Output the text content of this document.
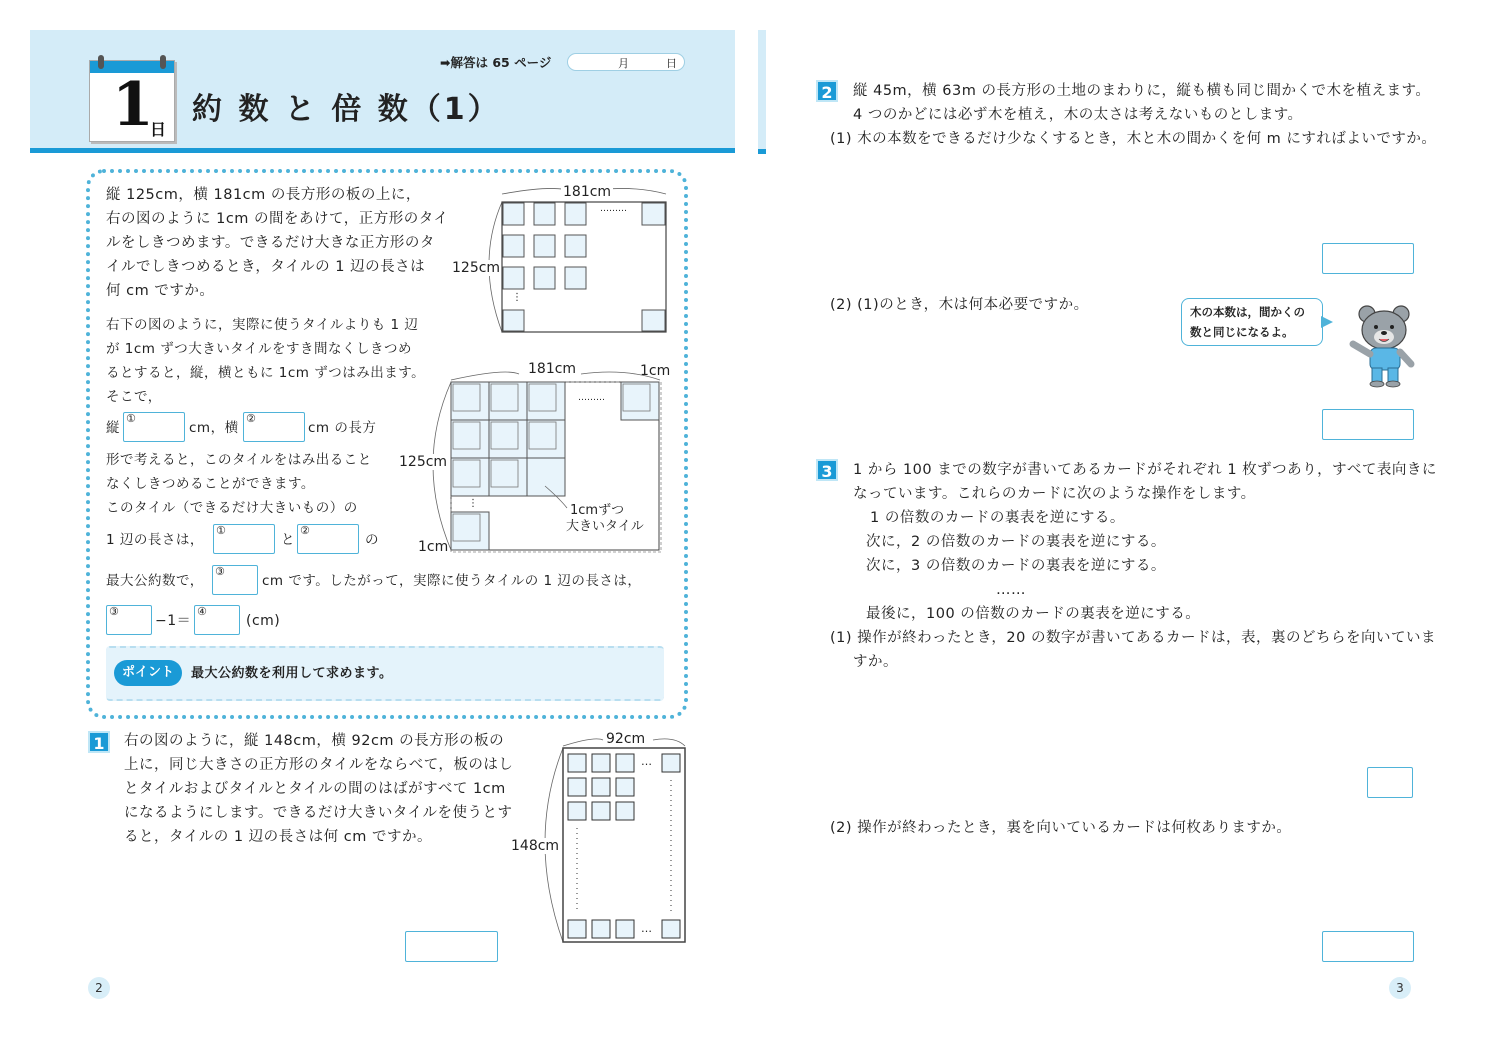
1
日
約 数 と 倍 数（1）
➡解答は 65 ページ	月	日
縦 125cm，横 181cm の長方形の板の上に，
右の図のように 1cm の間をあけて，正方形のタイ
ルをしきつめます。できるだけ大きな正方形のタ
イルでしきつめるとき，タイルの 1 辺の長さは
何 cm ですか。
右下の図のように，実際に使うタイルよりも 1 辺
が 1cm ずつ大きいタイルをすき間なくしきつめ
るとすると，縦，横ともに 1cm ずつはみ出ます。
そこで，
縦
①
cm，横
②
cm の長方
形で考えると，このタイルをはみ出ること
なくしきつめることができます。
このタイル（できるだけ大きいもの）の
1 辺の長さは，
①
と
②
の
最大公約数で，
③
cm です。したがって，実際に使うタイルの 1 辺の長さは，
③
−1＝
④
(cm)
ポイント	最大公約数を利用して求めます。
181cm
125cm
………
⋮
181cm	1cm
125cm
1cm
1cmずつ
大きいタイル
………
⋮
1	右の図のように，縦 148cm，横 92cm の長方形の板の
上に，同じ大きさの正方形のタイルをならべて，板のはし
とタイルおよびタイルとタイルの間のはばがすべて 1cm
になるようにします。できるだけ大きいタイルを使うとす
ると，タイルの 1 辺の長さは何 cm ですか。
92cm
148cm
…
…
2
2	縦 45m，横 63m の長方形の土地のまわりに，縦も横も同じ間かくで木を植えます。
4 つのかどには必ず木を植え，木の太さは考えないものとします。
(1) 木の本数をできるだけ少なくするとき，木と木の間かくを何 m にすればよいですか。
(2) (1)のとき，木は何本必要ですか。	木の本数は，間かくの
数と同じになるよ。
3	1 から 100 までの数字が書いてあるカードがそれぞれ 1 枚ずつあり，すべて表向きに
なっています。これらのカードに次のような操作をします。
1 の倍数のカードの裏表を逆にする。
次に，2 の倍数のカードの裏表を逆にする。
次に，3 の倍数のカードの裏表を逆にする。
……
最後に，100 の倍数のカードの裏表を逆にする。
(1) 操作が終わったとき，20 の数字が書いてあるカードは，表，裏のどちらを向いていま
すか。
(2) 操作が終わったとき，裏を向いているカードは何枚ありますか。
3
